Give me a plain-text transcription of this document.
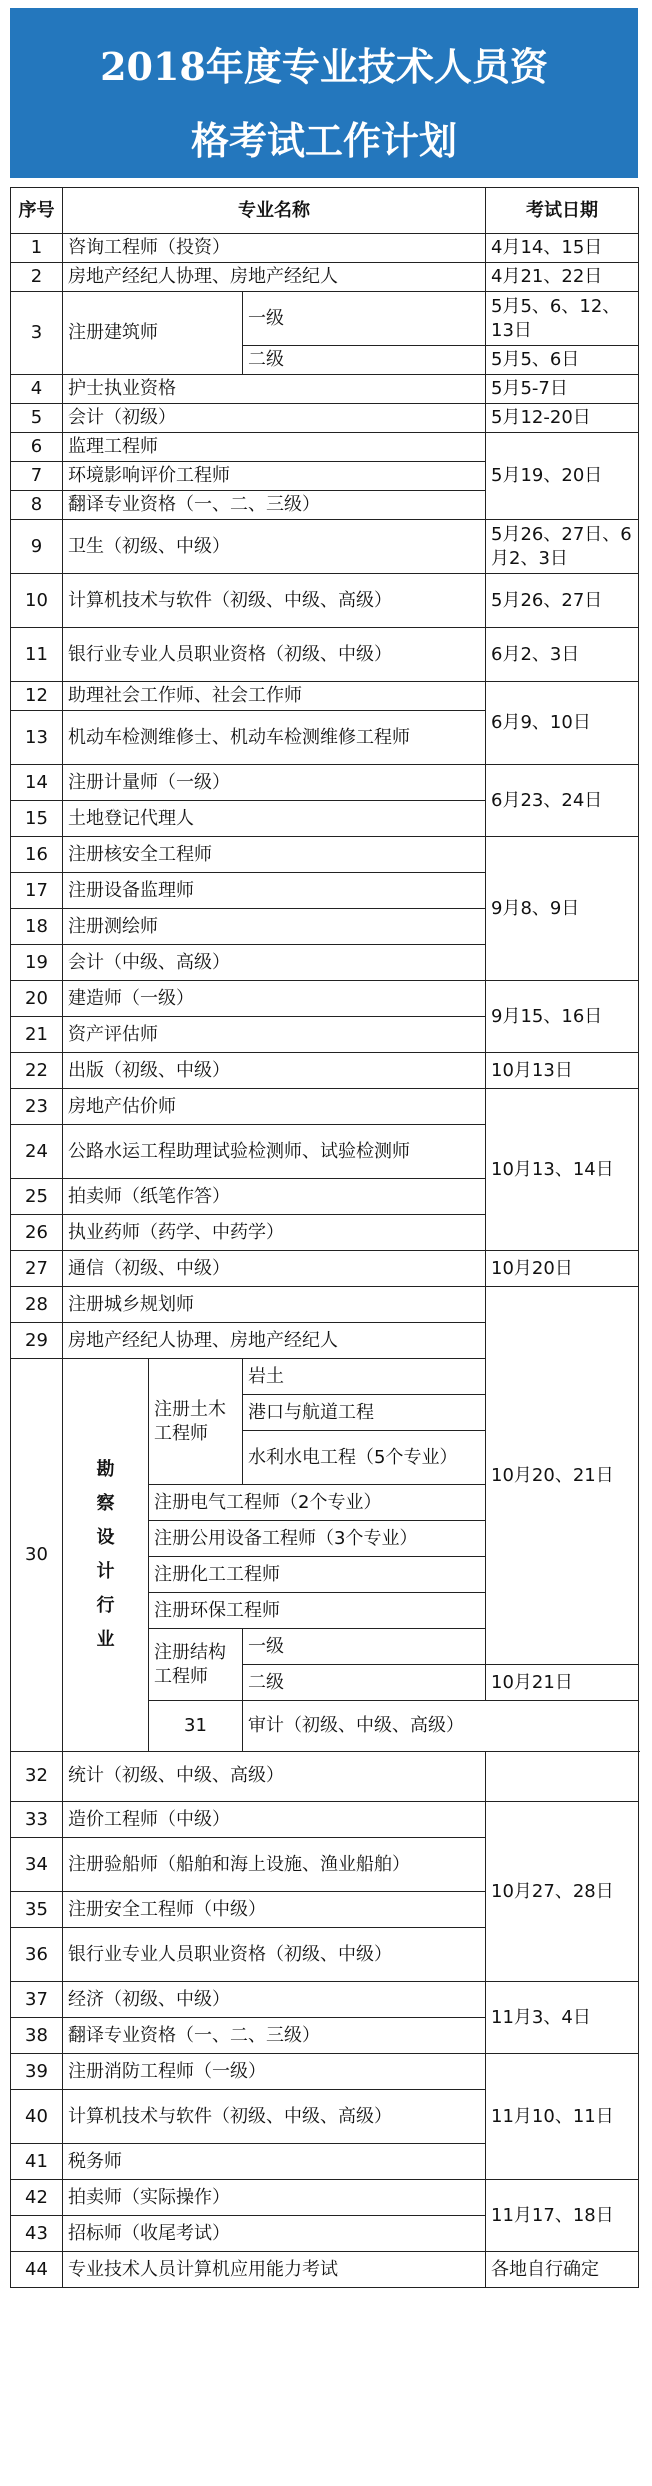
2018年度专业技术人员资
格考试工作计划
序号	专业名称			考试日期	
1	咨询工程师（投资）			4月14、15日	
2	房地产经纪人协理、房地产经纪人			4月21、22日	
3	注册建筑师		一级	5月5、6、12、13日	
			二级	5月5、6日	
4	护士执业资格			5月5-7日	
5	会计（初级）			5月12-20日	
6	监理工程师			5月19、20日	
7	环境影响评价工程师				
8	翻译专业资格（一、二、三级）				
9	卫生（初级、中级）			5月26、27日、6月2、3日	
10	计算机技术与软件（初级、中级、高级）			5月26、27日	
11	银行业专业人员职业资格（初级、中级）			6月2、3日	
12	助理社会工作师、社会工作师			6月9、10日	
13	机动车检测维修士、机动车检测维修工程师				
14	注册计量师（一级）			6月23、24日	
15	土地登记代理人				
16	注册核安全工程师			9月8、9日	
17	注册设备监理师				
18	注册测绘师				
19	会计（中级、高级）				
20	建造师（一级）			9月15、16日	
21	资产评估师				
22	出版（初级、中级）			10月13日	
23	房地产估价师			10月13、14日	
24	公路水运工程助理试验检测师、试验检测师				
25	拍卖师（纸笔作答）				
26	执业药师（药学、中药学）				
27	通信（初级、中级）			10月20日	
28	注册城乡规划师			10月20、21日	
29	房地产经纪人协理、房地产经纪人				
30	勘察设计行业	注册土木工程师	岩土		
			港口与航道工程		
			水利水电工程（5个专业）		
		注册电气工程师（2个专业）			
		注册公用设备工程师（3个专业）			
		注册化工工程师			
		注册环保工程师			
		注册结构工程师	一级		
			二级	10月21日	
		31	审计（初级、中级、高级）	
32	统计（初级、中级、高级）				
33	造价工程师（中级）			10月27、28日	
34	注册验船师（船舶和海上设施、渔业船舶）				
35	注册安全工程师（中级）				
36	银行业专业人员职业资格（初级、中级）				
37	经济（初级、中级）			11月3、4日	
38	翻译专业资格（一、二、三级）				
39	注册消防工程师（一级）			11月10、11日	
40	计算机技术与软件（初级、中级、高级）				
41	税务师				
42	拍卖师（实际操作）			11月17、18日	
43	招标师（收尾考试）				
44	专业技术人员计算机应用能力考试			各地自行确定	
